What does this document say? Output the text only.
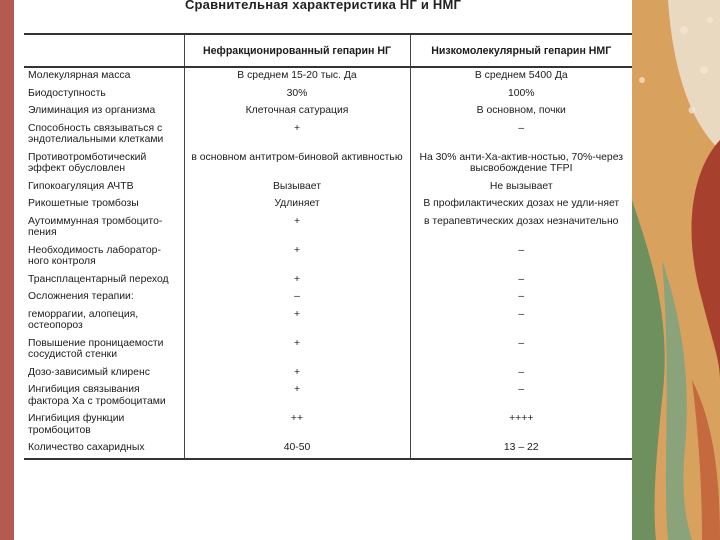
Сравнительная характеристика НГ и НМГ
	Нефракционированный гепарин НГ	Низкомолекулярный гепарин НМГ
Молекулярная масса	В среднем 15-20 тыс. Да	В среднем 5400 Да
Биодоступность	30%	100%
Элиминация из организма	Клеточная сатурация	В основном, почки
Способность связываться с эндотелиальными клетками	+	–
Противотромботический эффект обусловлен	в основном антитром-биновой активностью	На 30% анти-Ха-актив-ностью, 70%-через высвобождение TFPI
Гипокоагуляция АЧТВ	Вызывает	Не вызывает
Рикошетные тромбозы	Удлиняет	В профилактических дозах не удли-няет
Аутоиммунная тромбоцито-пения	+	в терапевтических дозах незначительно
Необходимость лаборатор-ного контроля	+	–
Трансплацентарный переход	+	–
Осложнения терапии:	–	–
геморрагии, алопеция, остеопороз	+	–
Повышение проницаемости сосудистой стенки	+	–
Дозо-зависимый клиренс	+	–
Ингибиция связывания фактора Ха с тромбоцитами	+	–
Ингибиция функции тромбоцитов	++	++++
Количество сахаридных	40-50	13 – 22
